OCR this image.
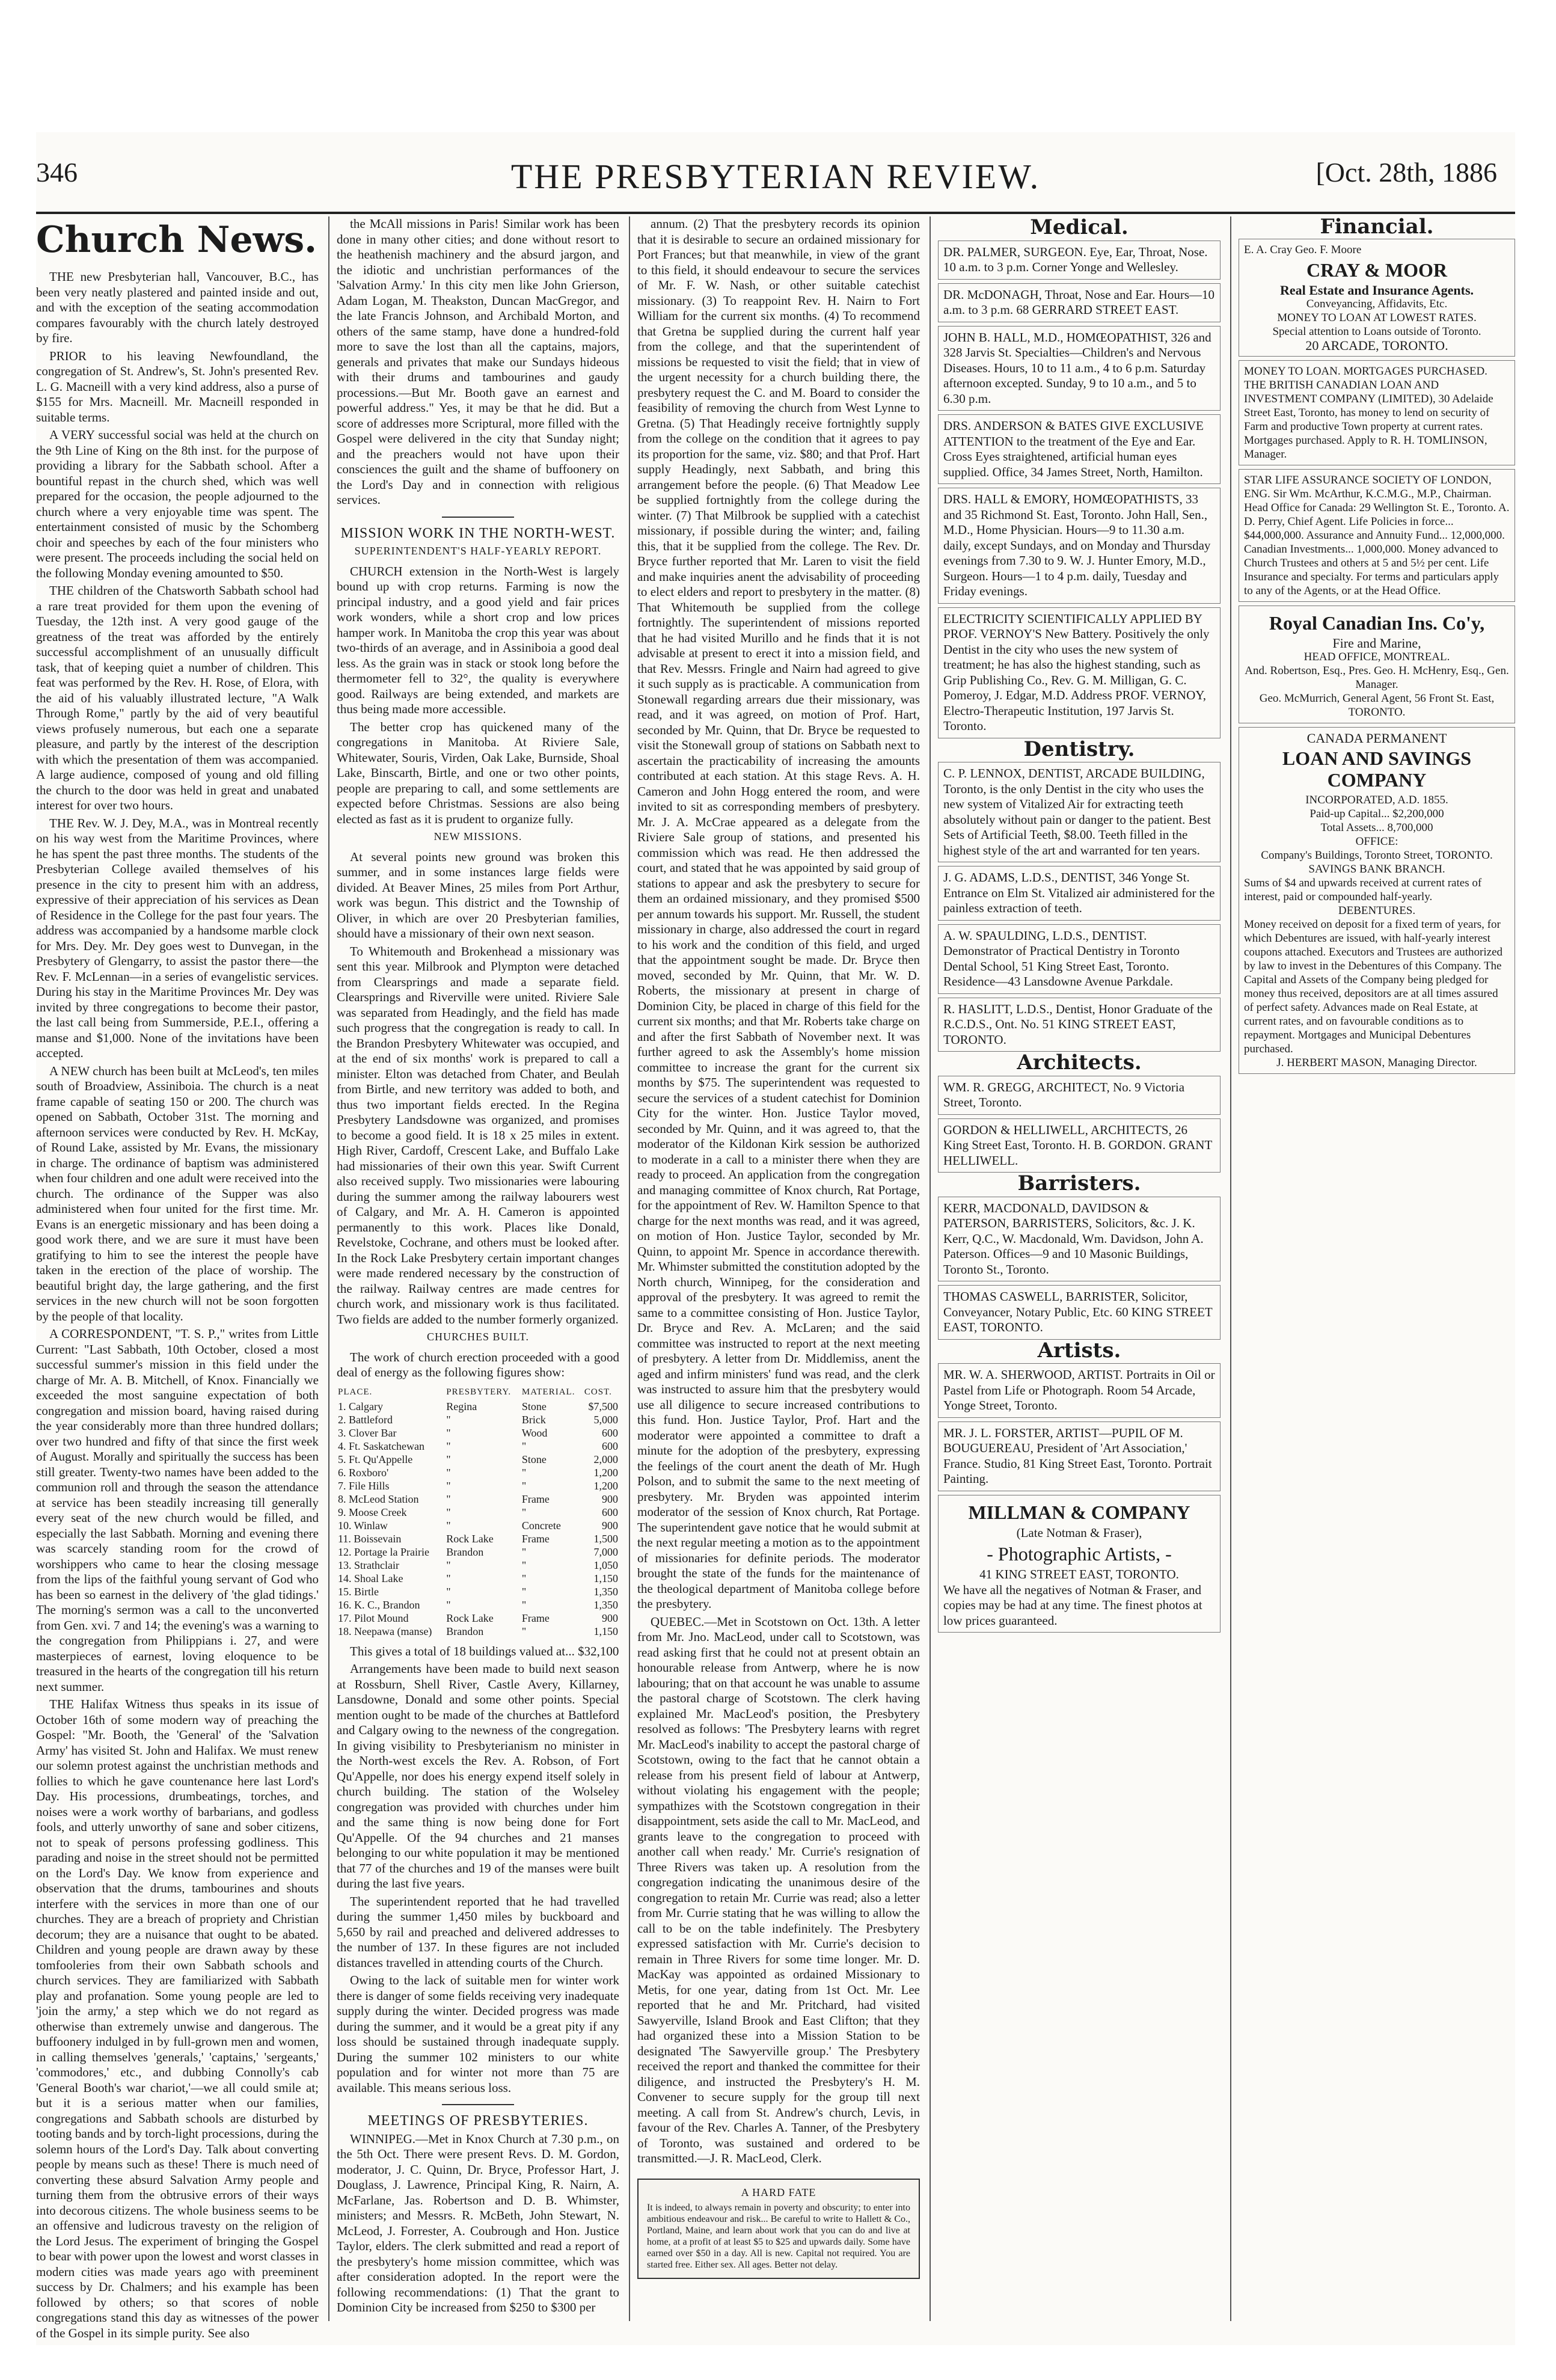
346	THE PRESBYTERIAN REVIEW.	[Oct. 28th, 1886
Church News.

THE new Presbyterian hall, Vancouver, B.C., has been very neatly plastered and painted inside and out, and with the exception of the seating accommodation compares favourably with the church lately destroyed by fire.

PRIOR to his leaving Newfoundland, the congregation of St. Andrew's, St. John's presented Rev. L. G. Macneill with a very kind address, also a purse of $155 for Mrs. Macneill. Mr. Macneill responded in suitable terms.

A VERY successful social was held at the church on the 9th Line of King on the 8th inst. for the purpose of providing a library for the Sabbath school. After a bountiful repast in the church shed, which was well prepared for the occasion, the people adjourned to the church where a very enjoyable time was spent. The entertainment consisted of music by the Schomberg choir and speeches by each of the four ministers who were present. The proceeds including the social held on the following Monday evening amounted to $50.

THE children of the Chatsworth Sabbath school had a rare treat provided for them upon the evening of Tuesday, the 12th inst. A very good gauge of the greatness of the treat was afforded by the entirely successful accomplishment of an unusually difficult task, that of keeping quiet a number of children. This feat was performed by the Rev. H. Rose, of Elora, with the aid of his valuably illustrated lecture, "A Walk Through Rome," partly by the aid of very beautiful views profusely numerous, but each one a separate pleasure, and partly by the interest of the description with which the presentation of them was accompanied. A large audience, composed of young and old filling the church to the door was held in great and unabated interest for over two hours.

THE Rev. W. J. Dey, M.A., was in Montreal recently on his way west from the Maritime Provinces, where he has spent the past three months. The students of the Presbyterian College availed themselves of his presence in the city to present him with an address, expressive of their appreciation of his services as Dean of Residence in the College for the past four years. The address was accompanied by a handsome marble clock for Mrs. Dey. Mr. Dey goes west to Dunvegan, in the Presbytery of Glengarry, to assist the pastor there—the Rev. F. McLennan—in a series of evangelistic services. During his stay in the Maritime Provinces Mr. Dey was invited by three congregations to become their pastor, the last call being from Summerside, P.E.I., offering a manse and $1,000. None of the invitations have been accepted.

A NEW church has been built at McLeod's, ten miles south of Broadview, Assiniboia. The church is a neat frame capable of seating 150 or 200. The church was opened on Sabbath, October 31st. The morning and afternoon services were conducted by Rev. H. McKay, of Round Lake, assisted by Mr. Evans, the missionary in charge. The ordinance of baptism was administered when four children and one adult were received into the church. The ordinance of the Supper was also administered when four united for the first time. Mr. Evans is an energetic missionary and has been doing a good work there, and we are sure it must have been gratifying to him to see the interest the people have taken in the erection of the place of worship. The beautiful bright day, the large gathering, and the first services in the new church will not be soon forgotten by the people of that locality.

A CORRESPONDENT, "T. S. P.," writes from Little Current: "Last Sabbath, 10th October, closed a most successful summer's mission in this field under the charge of Mr. A. B. Mitchell, of Knox. Financially we exceeded the most sanguine expectation of both congregation and mission board, having raised during the year considerably more than three hundred dollars; over two hundred and fifty of that since the first week of August. Morally and spiritually the success has been still greater. Twenty-two names have been added to the communion roll and through the season the attendance at service has been steadily increasing till generally every seat of the new church would be filled, and especially the last Sabbath. Morning and evening there was scarcely standing room for the crowd of worshippers who came to hear the closing message from the lips of the faithful young servant of God who has been so earnest in the delivery of 'the glad tidings.' The morning's sermon was a call to the unconverted from Gen. xvi. 7 and 14; the evening's was a warning to the congregation from Philippians i. 27, and were masterpieces of earnest, loving eloquence to be treasured in the hearts of the congregation till his return next summer.

THE Halifax Witness thus speaks in its issue of October 16th of some modern way of preaching the Gospel: "Mr. Booth, the 'General' of the 'Salvation Army' has visited St. John and Halifax. We must renew our solemn protest against the unchristian methods and follies to which he gave countenance here last Lord's Day. His processions, drumbeatings, torches, and noises were a work worthy of barbarians, and godless fools, and utterly unworthy of sane and sober citizens, not to speak of persons professing godliness. This parading and noise in the street should not be permitted on the Lord's Day. We know from experience and observation that the drums, tambourines and shouts interfere with the services in more than one of our churches. They are a breach of propriety and Christian decorum; they are a nuisance that ought to be abated. Children and young people are drawn away by these tomfooleries from their own Sabbath schools and church services. They are familiarized with Sabbath play and profanation. Some young people are led to 'join the army,' a step which we do not regard as otherwise than extremely unwise and dangerous. The buffoonery indulged in by full-grown men and women, in calling themselves 'generals,' 'captains,' 'sergeants,' 'commodores,' etc., and dubbing Connolly's cab 'General Booth's war chariot,'—we all could smile at; but it is a serious matter when our families, congregations and Sabbath schools are disturbed by tooting bands and by torch-light processions, during the solemn hours of the Lord's Day. Talk about converting people by means such as these! There is much need of converting these absurd Salvation Army people and turning them from the obtrusive errors of their ways into decorous citizens. The whole business seems to be an offensive and ludicrous travesty on the religion of the Lord Jesus. The experiment of bringing the Gospel to bear with power upon the lowest and worst classes in modern cities was made years ago with preeminent success by Dr. Chalmers; and his example has been followed by others; so that scores of noble congregations stand this day as witnesses of the power of the Gospel in its simple purity. See also

the McAll missions in Paris! Similar work has been done in many other cities; and done without resort to the heathenish machinery and the absurd jargon, and the idiotic and unchristian performances of the 'Salvation Army.' In this city men like John Grierson, Adam Logan, M. Theakston, Duncan MacGregor, and the late Francis Johnson, and Archibald Morton, and others of the same stamp, have done a hundred-fold more to save the lost than all the captains, majors, generals and privates that make our Sundays hideous with their drums and tambourines and gaudy processions.—But Mr. Booth gave an earnest and powerful address." Yes, it may be that he did. But a score of addresses more Scriptural, more filled with the Gospel were delivered in the city that Sunday night; and the preachers would not have upon their consciences the guilt and the shame of buffoonery on the Lord's Day and in connection with religious services.

MISSION WORK IN THE NORTH-WEST.
SUPERINTENDENT'S HALF-YEARLY REPORT.

CHURCH extension in the North-West is largely bound up with crop returns. Farming is now the principal industry, and a good yield and fair prices work wonders, while a short crop and low prices hamper work. In Manitoba the crop this year was about two-thirds of an average, and in Assiniboia a good deal less. As the grain was in stack or stook long before the thermometer fell to 32°, the quality is everywhere good. Railways are being extended, and markets are thus being made more accessible.

The better crop has quickened many of the congregations in Manitoba. At Riviere Sale, Whitewater, Souris, Virden, Oak Lake, Burnside, Shoal Lake, Binscarth, Birtle, and one or two other points, people are preparing to call, and some settlements are expected before Christmas. Sessions are also being elected as fast as it is prudent to organize fully.

NEW MISSIONS.

At several points new ground was broken this summer, and in some instances large fields were divided. At Beaver Mines, 25 miles from Port Arthur, work was begun. This district and the Township of Oliver, in which are over 20 Presbyterian families, should have a missionary of their own next season.

To Whitemouth and Brokenhead a missionary was sent this year. Milbrook and Plympton were detached from Clearsprings and made a separate field. Clearsprings and Riverville were united. Riviere Sale was separated from Headingly, and the field has made such progress that the congregation is ready to call. In the Brandon Presbytery Whitewater was occupied, and at the end of six months' work is prepared to call a minister. Elton was detached from Chater, and Beulah from Birtle, and new territory was added to both, and thus two important fields erected. In the Regina Presbytery Landsdowne was organized, and promises to become a good field. It is 18 x 25 miles in extent. High River, Cardoff, Crescent Lake, and Buffalo Lake had missionaries of their own this year. Swift Current also received supply. Two missionaries were labouring during the summer among the railway labourers west of Calgary, and Mr. A. H. Cameron is appointed permanently to this work. Places like Donald, Revelstoke, Cochrane, and others must be looked after. In the Rock Lake Presbytery certain important changes were made rendered necessary by the construction of the railway. Railway centres are made centres for church work, and missionary work is thus facilitated. Two fields are added to the number formerly organized.

CHURCHES BUILT.

The work of church erection proceeded with a good deal of energy as the following figures show:

PLACE.	PRESBYTERY.	MATERIAL.	COST.
1. Calgary	Regina	Stone	$7,500
2. Battleford	"	Brick	5,000
3. Clover Bar	"	Wood	600
4. Ft. Saskatchewan	"	"	600
5. Ft. Qu'Appelle	"	Stone	2,000
6. Roxboro'	"	"	1,200
7. File Hills	"	"	1,200
8. McLeod Station	"	Frame	900
9. Moose Creek	"	"	600
10. Winlaw	"	Concrete	900
11. Boissevain	Rock Lake	Frame	1,500
12. Portage la Prairie	Brandon	"	7,000
13. Strathclair	"	"	1,050
14. Shoal Lake	"	"	1,150
15. Birtle	"	"	1,350
16. K. C., Brandon	"	"	1,350
17. Pilot Mound	Rock Lake	Frame	900
18. Neepawa (manse)	Brandon	"	1,150

This gives a total of 18 buildings valued at... $32,100

Arrangements have been made to build next season at Rossburn, Shell River, Castle Avery, Killarney, Lansdowne, Donald and some other points. Special mention ought to be made of the churches at Battleford and Calgary owing to the newness of the congregation. In giving visibility to Presbyterianism no minister in the North-west excels the Rev. A. Robson, of Fort Qu'Appelle, nor does his energy expend itself solely in church building. The station of the Wolseley congregation was provided with churches under him and the same thing is now being done for Fort Qu'Appelle. Of the 94 churches and 21 manses belonging to our white population it may be mentioned that 77 of the churches and 19 of the manses were built during the last five years.

The superintendent reported that he had travelled during the summer 1,450 miles by buckboard and 5,650 by rail and preached and delivered addresses to the number of 137. In these figures are not included distances travelled in attending courts of the Church.

Owing to the lack of suitable men for winter work there is danger of some fields receiving very inadequate supply during the winter. Decided progress was made during the summer, and it would be a great pity if any loss should be sustained through inadequate supply. During the summer 102 ministers to our white population and for winter not more than 75 are available. This means serious loss.

MEETINGS OF PRESBYTERIES.

WINNIPEG.—Met in Knox Church at 7.30 p.m., on the 5th Oct. There were present Revs. D. M. Gordon, moderator, J. C. Quinn, Dr. Bryce, Professor Hart, J. Douglass, J. Lawrence, Principal King, R. Nairn, A. McFarlane, Jas. Robertson and D. B. Whimster, ministers; and Messrs. R. McBeth, John Stewart, N. McLeod, J. Forrester, A. Coubrough and Hon. Justice Taylor, elders. The clerk submitted and read a report of the presbytery's home mission committee, which was after consideration adopted. In the report were the following recommendations: (1) That the grant to Dominion City be increased from $250 to $300 per

annum. (2) That the presbytery records its opinion that it is desirable to secure an ordained missionary for Port Frances; but that meanwhile, in view of the grant to this field, it should endeavour to secure the services of Mr. F. W. Nash, or other suitable catechist missionary. (3) To reappoint Rev. H. Nairn to Fort William for the current six months. (4) To recommend that Gretna be supplied during the current half year from the college, and that the superintendent of missions be requested to visit the field; that in view of the urgent necessity for a church building there, the presbytery request the C. and M. Board to consider the feasibility of removing the church from West Lynne to Gretna. (5) That Headingly receive fortnightly supply from the college on the condition that it agrees to pay its proportion for the same, viz. $80; and that Prof. Hart supply Headingly, next Sabbath, and bring this arrangement before the people. (6) That Meadow Lee be supplied fortnightly from the college during the winter. (7) That Milbrook be supplied with a catechist missionary, if possible during the winter; and, failing this, that it be supplied from the college. The Rev. Dr. Bryce further reported that Mr. Laren to visit the field and make inquiries anent the advisability of proceeding to elect elders and report to presbytery in the matter. (8) That Whitemouth be supplied from the college fortnightly. The superintendent of missions reported that he had visited Murillo and he finds that it is not advisable at present to erect it into a mission field, and that Rev. Messrs. Fringle and Nairn had agreed to give it such supply as is practicable. A communication from Stonewall regarding arrears due their missionary, was read, and it was agreed, on motion of Prof. Hart, seconded by Mr. Quinn, that Dr. Bryce be requested to visit the Stonewall group of stations on Sabbath next to ascertain the practicability of increasing the amounts contributed at each station. At this stage Revs. A. H. Cameron and John Hogg entered the room, and were invited to sit as corresponding members of presbytery. Mr. J. A. McCrae appeared as a delegate from the Riviere Sale group of stations, and presented his commission which was read. He then addressed the court, and stated that he was appointed by said group of stations to appear and ask the presbytery to secure for them an ordained missionary, and they promised $500 per annum towards his support. Mr. Russell, the student missionary in charge, also addressed the court in regard to his work and the condition of this field, and urged that the appointment sought be made. Dr. Bryce then moved, seconded by Mr. Quinn, that Mr. W. D. Roberts, the missionary at present in charge of Dominion City, be placed in charge of this field for the current six months; and that Mr. Roberts take charge on and after the first Sabbath of November next. It was further agreed to ask the Assembly's home mission committee to increase the grant for the current six months by $75. The superintendent was requested to secure the services of a student catechist for Dominion City for the winter. Hon. Justice Taylor moved, seconded by Mr. Quinn, and it was agreed to, that the moderator of the Kildonan Kirk session be authorized to moderate in a call to a minister there when they are ready to proceed. An application from the congregation and managing committee of Knox church, Rat Portage, for the appointment of Rev. W. Hamilton Spence to that charge for the next months was read, and it was agreed, on motion of Hon. Justice Taylor, seconded by Mr. Quinn, to appoint Mr. Spence in accordance therewith. Mr. Whimster submitted the constitution adopted by the North church, Winnipeg, for the consideration and approval of the presbytery. It was agreed to remit the same to a committee consisting of Hon. Justice Taylor, Dr. Bryce and Rev. A. McLaren; and the said committee was instructed to report at the next meeting of presbytery. A letter from Dr. Middlemiss, anent the aged and infirm ministers' fund was read, and the clerk was instructed to assure him that the presbytery would use all diligence to secure increased contributions to this fund. Hon. Justice Taylor, Prof. Hart and the moderator were appointed a committee to draft a minute for the adoption of the presbytery, expressing the feelings of the court anent the death of Mr. Hugh Polson, and to submit the same to the next meeting of presbytery. Mr. Bryden was appointed interim moderator of the session of Knox church, Rat Portage. The superintendent gave notice that he would submit at the next regular meeting a motion as to the appointment of missionaries for definite periods. The moderator brought the state of the funds for the maintenance of the theological department of Manitoba college before the presbytery.

QUEBEC.—Met in Scotstown on Oct. 13th. A letter from Mr. Jno. MacLeod, under call to Scotstown, was read asking first that he could not at present obtain an honourable release from Antwerp, where he is now labouring; that on that account he was unable to assume the pastoral charge of Scotstown. The clerk having explained Mr. MacLeod's position, the Presbytery resolved as follows: 'The Presbytery learns with regret Mr. MacLeod's inability to accept the pastoral charge of Scotstown, owing to the fact that he cannot obtain a release from his present field of labour at Antwerp, without violating his engagement with the people; sympathizes with the Scotstown congregation in their disappointment, sets aside the call to Mr. MacLeod, and grants leave to the congregation to proceed with another call when ready.' Mr. Currie's resignation of Three Rivers was taken up. A resolution from the congregation indicating the unanimous desire of the congregation to retain Mr. Currie was read; also a letter from Mr. Currie stating that he was willing to allow the call to be on the table indefinitely. The Presbytery expressed satisfaction with Mr. Currie's decision to remain in Three Rivers for some time longer. Mr. D. MacKay was appointed as ordained Missionary to Metis, for one year, dating from 1st Oct. Mr. Lee reported that he and Mr. Pritchard, had visited Sawyerville, Island Brook and East Clifton; that they had organized these into a Mission Station to be designated 'The Sawyerville group.' The Presbytery received the report and thanked the committee for their diligence, and instructed the Presbytery's H. M. Convener to secure supply for the group till next meeting. A call from St. Andrew's church, Levis, in favour of the Rev. Charles A. Tanner, of the Presbytery of Toronto, was sustained and ordered to be transmitted.—J. R. MacLeod, Clerk.

A HARD FATE
It is indeed, to always remain in poverty and obscurity; to enter into ambitious endeavour and risk... Be careful to write to Hallett & Co., Portland, Maine, and learn about work that you can do and live at home, at a profit of at least $5 to $25 and upwards daily. Some have earned over $50 in a day. All is new. Capital not required. You are started free. Either sex. All ages. Better not delay.
Medical.
DR. PALMER, SURGEON. Eye, Ear, Throat, Nose. 10 a.m. to 3 p.m. Corner Yonge and Wellesley.
DR. McDONAGH, Throat, Nose and Ear. Hours—10 a.m. to 3 p.m. 68 GERRARD STREET EAST.
JOHN B. HALL, M.D., HOMŒOPATHIST, 326 and 328 Jarvis St. Specialties—Children's and Nervous Diseases. Hours, 10 to 11 a.m., 4 to 6 p.m. Saturday afternoon excepted. Sunday, 9 to 10 a.m., and 5 to 6.30 p.m.
DRS. ANDERSON & BATES GIVE EXCLUSIVE ATTENTION to the treatment of the Eye and Ear. Cross Eyes straightened, artificial human eyes supplied. Office, 34 James Street, North, Hamilton.
DRS. HALL & EMORY, HOMŒOPATHISTS, 33 and 35 Richmond St. East, Toronto. John Hall, Sen., M.D., Home Physician. Hours—9 to 11.30 a.m. daily, except Sundays, and on Monday and Thursday evenings from 7.30 to 9. W. J. Hunter Emory, M.D., Surgeon. Hours—1 to 4 p.m. daily, Tuesday and Friday evenings.
ELECTRICITY SCIENTIFICALLY APPLIED BY PROF. VERNOY'S New Battery. Positively the only Dentist in the city who uses the new system of treatment; he has also the highest standing, such as Grip Publishing Co., Rev. G. M. Milligan, G. C. Pomeroy, J. Edgar, M.D. Address PROF. VERNOY, Electro-Therapeutic Institution, 197 Jarvis St. Toronto.
Dentistry.
C. P. LENNOX, DENTIST, ARCADE BUILDING, Toronto, is the only Dentist in the city who uses the new system of Vitalized Air for extracting teeth absolutely without pain or danger to the patient. Best Sets of Artificial Teeth, $8.00. Teeth filled in the highest style of the art and warranted for ten years.
J. G. ADAMS, L.D.S., DENTIST, 346 Yonge St. Entrance on Elm St. Vitalized air administered for the painless extraction of teeth.
A. W. SPAULDING, L.D.S., DENTIST. Demonstrator of Practical Dentistry in Toronto Dental School, 51 King Street East, Toronto. Residence—43 Lansdowne Avenue Parkdale.
R. HASLITT, L.D.S., Dentist, Honor Graduate of the R.C.D.S., Ont. No. 51 KING STREET EAST, TORONTO.
Architects.
WM. R. GREGG, ARCHITECT, No. 9 Victoria Street, Toronto.
GORDON & HELLIWELL, ARCHITECTS, 26 King Street East, Toronto. H. B. GORDON. GRANT HELLIWELL.
Barristers.
KERR, MACDONALD, DAVIDSON & PATERSON, BARRISTERS, Solicitors, &c. J. K. Kerr, Q.C., W. Macdonald, Wm. Davidson, John A. Paterson. Offices—9 and 10 Masonic Buildings, Toronto St., Toronto.
THOMAS CASWELL, BARRISTER, Solicitor, Conveyancer, Notary Public, Etc. 60 KING STREET EAST, TORONTO.
Artists.
MR. W. A. SHERWOOD, ARTIST. Portraits in Oil or Pastel from Life or Photograph. Room 54 Arcade, Yonge Street, Toronto.
MR. J. L. FORSTER, ARTIST—PUPIL OF M. BOUGUEREAU, President of 'Art Association,' France. Studio, 81 King Street East, Toronto. Portrait Painting.
MILLMAN & COMPANY
(Late Notman & Fraser),
- Photographic Artists, -
41 KING STREET EAST, TORONTO.
We have all the negatives of Notman & Fraser, and copies may be had at any time. The finest photos at low prices guaranteed.
Financial.
E. A. Cray Geo. F. Moore
CRAY & MOOR
Real Estate and Insurance Agents.
Conveyancing, Affidavits, Etc.
MONEY TO LOAN AT LOWEST RATES.
Special attention to Loans outside of Toronto.
20 ARCADE, TORONTO.
MONEY TO LOAN. MORTGAGES PURCHASED. THE BRITISH CANADIAN LOAN AND INVESTMENT COMPANY (LIMITED), 30 Adelaide Street East, Toronto, has money to lend on security of Farm and productive Town property at current rates. Mortgages purchased. Apply to R. H. TOMLINSON, Manager.
STAR LIFE ASSURANCE SOCIETY OF LONDON, ENG. Sir Wm. McArthur, K.C.M.G., M.P., Chairman. Head Office for Canada: 29 Wellington St. E., Toronto. A. D. Perry, Chief Agent. Life Policies in force... $44,000,000. Assurance and Annuity Fund... 12,000,000. Canadian Investments... 1,000,000. Money advanced to Church Trustees and others at 5 and 5½ per cent. Life Insurance and specialty. For terms and particulars apply to any of the Agents, or at the Head Office.
Royal Canadian Ins. Co'y,
Fire and Marine,
HEAD OFFICE, MONTREAL.
And. Robertson, Esq., Pres. Geo. H. McHenry, Esq., Gen. Manager.
Geo. McMurrich, General Agent, 56 Front St. East, TORONTO.
CANADA PERMANENT
LOAN AND SAVINGS COMPANY
INCORPORATED, A.D. 1855.
Paid-up Capital... $2,200,000
Total Assets... 8,700,000
OFFICE:
Company's Buildings, Toronto Street, TORONTO.
SAVINGS BANK BRANCH.
Sums of $4 and upwards received at current rates of interest, paid or compounded half-yearly.
DEBENTURES.
Money received on deposit for a fixed term of years, for which Debentures are issued, with half-yearly interest coupons attached. Executors and Trustees are authorized by law to invest in the Debentures of this Company. The Capital and Assets of the Company being pledged for money thus received, depositors are at all times assured of perfect safety. Advances made on Real Estate, at current rates, and on favourable conditions as to repayment. Mortgages and Municipal Debentures purchased.
J. HERBERT MASON, Managing Director.
